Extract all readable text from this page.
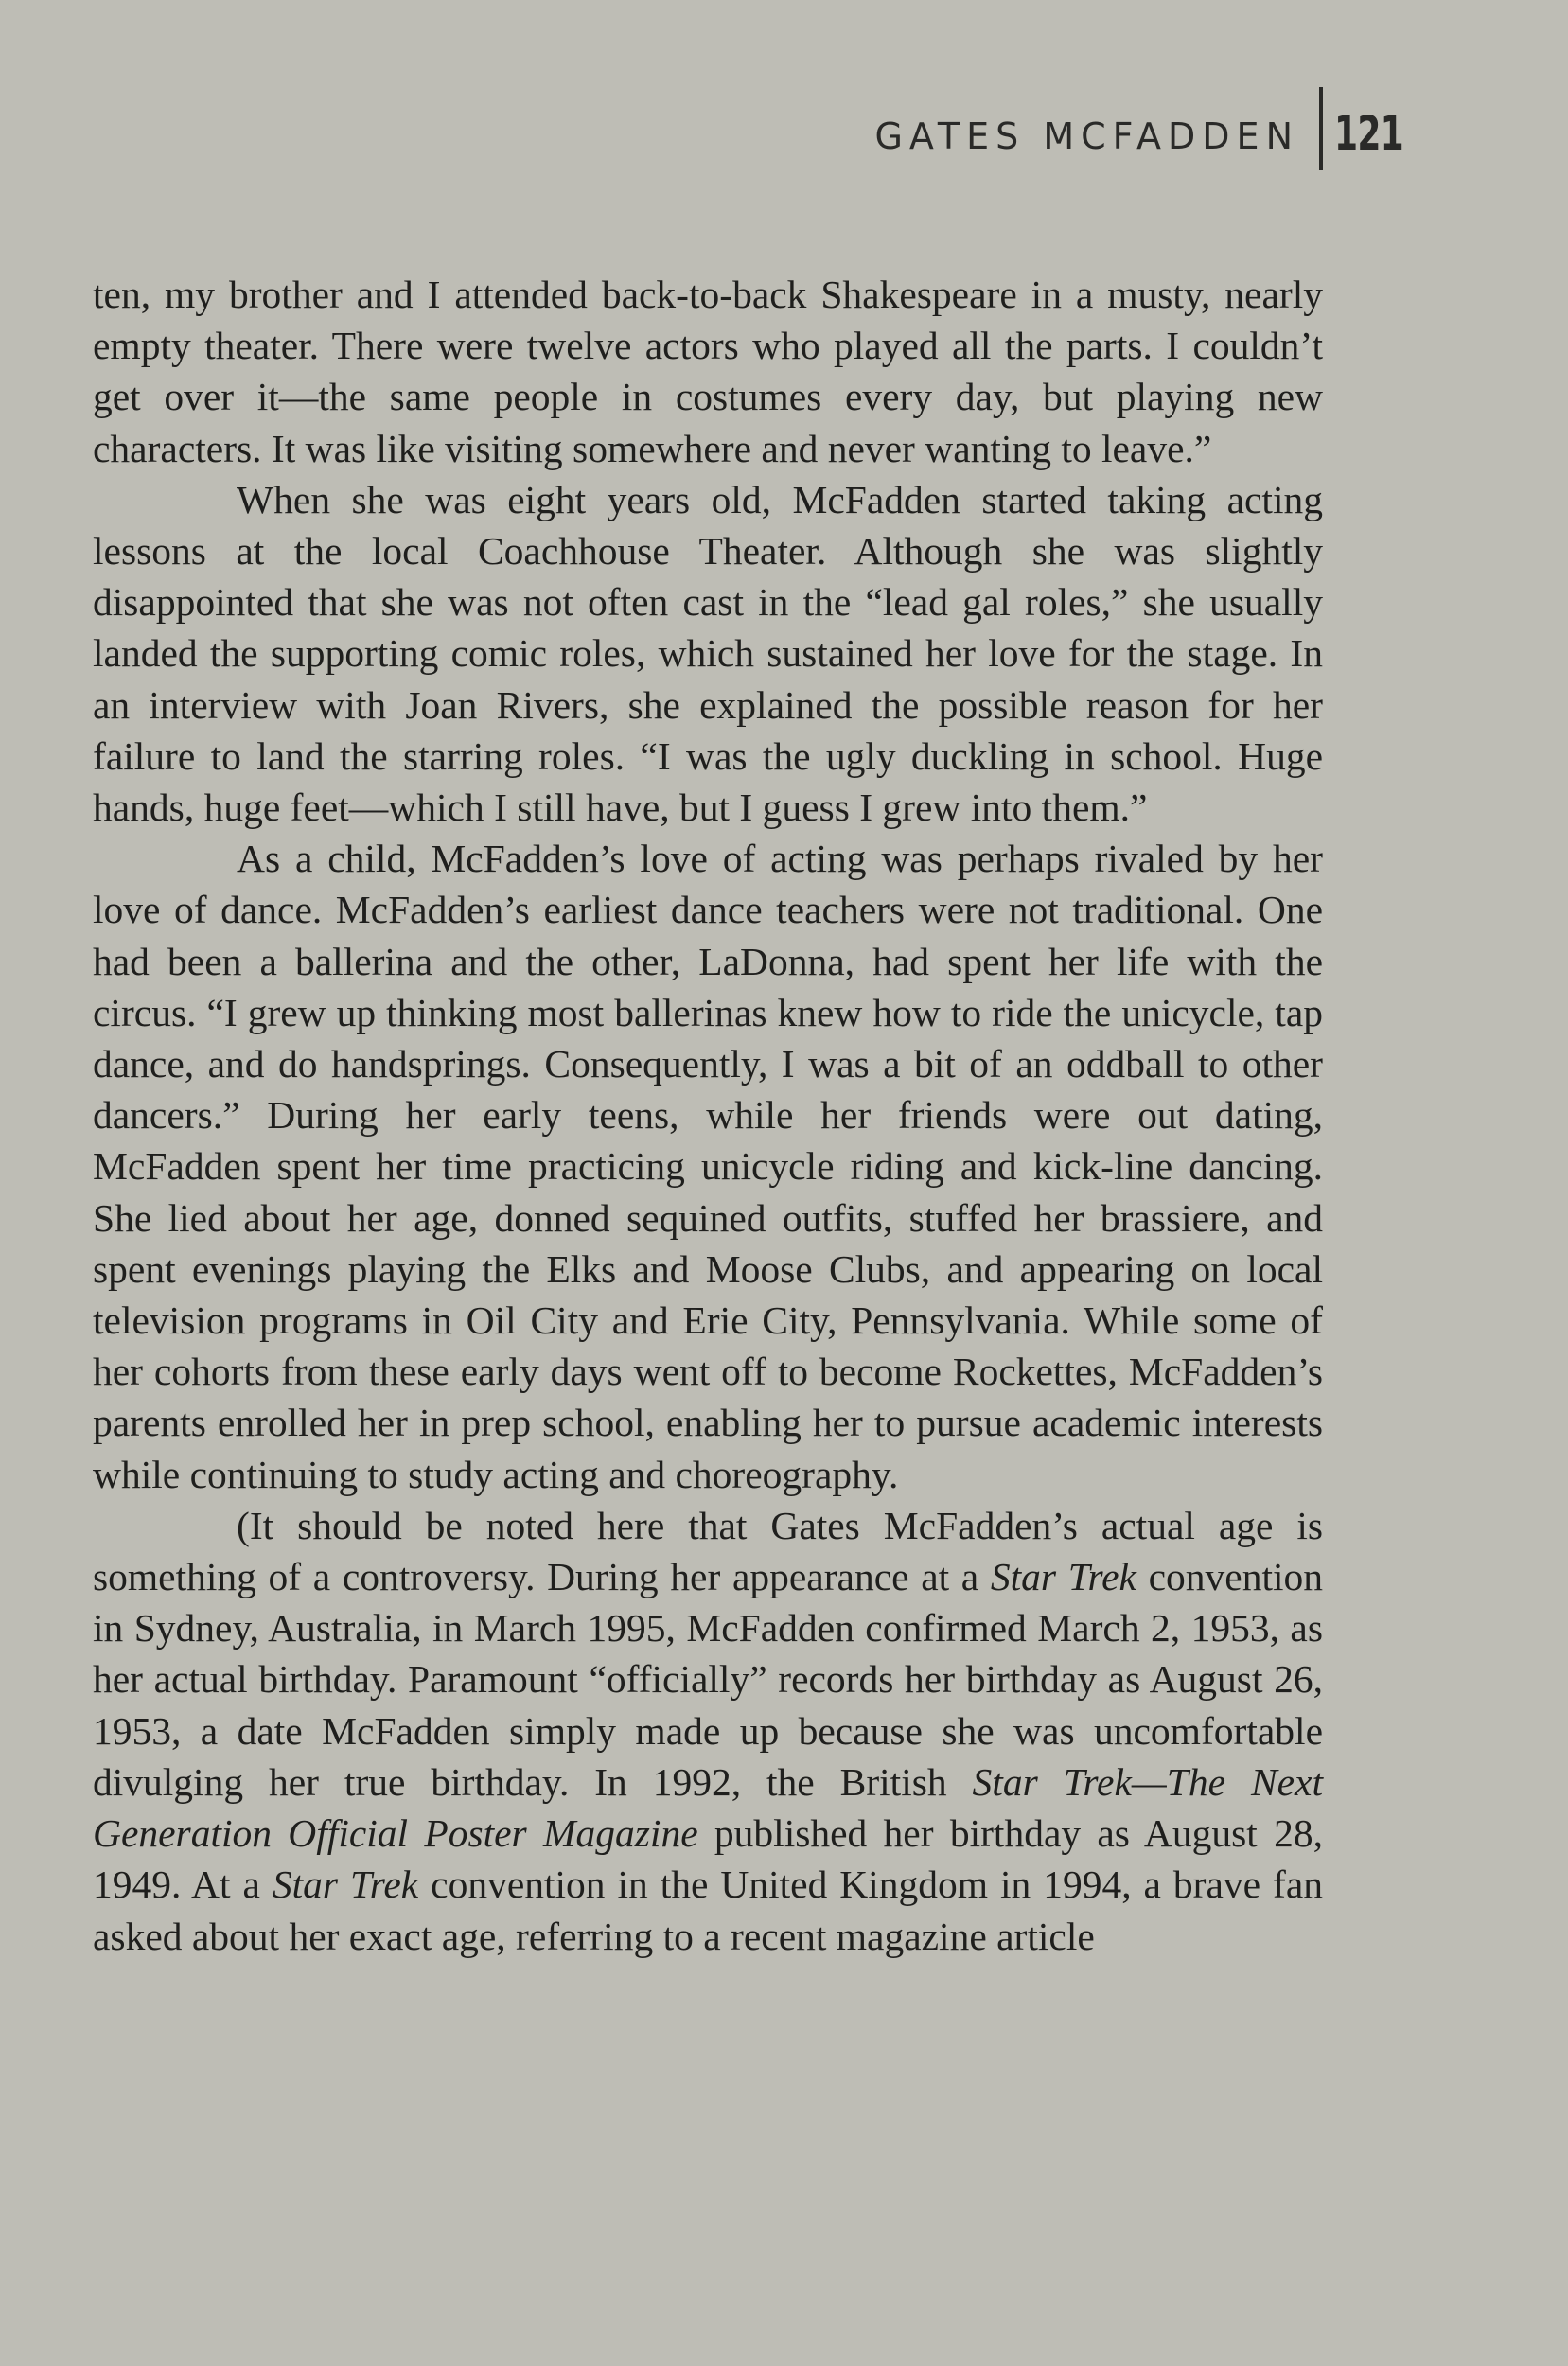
GATES MCFADDEN 121

ten, my brother and I attended back-to-back Shakespeare in a musty, nearly empty theater. There were twelve actors who played all the parts. I couldn’t get over it—the same people in costumes every day, but playing new characters. It was like visiting somewhere and never wanting to leave.”

When she was eight years old, McFadden started taking acting lessons at the local Coachhouse Theater. Although she was slightly disappointed that she was not often cast in the “lead gal roles,” she usually landed the supporting comic roles, which sustained her love for the stage. In an interview with Joan Rivers, she explained the possible reason for her failure to land the starring roles. “I was the ugly duckling in school. Huge hands, huge feet—which I still have, but I guess I grew into them.”

As a child, McFadden’s love of acting was perhaps rivaled by her love of dance. McFadden’s earliest dance teachers were not traditional. One had been a ballerina and the other, LaDonna, had spent her life with the circus. “I grew up thinking most ballerinas knew how to ride the unicycle, tap dance, and do handsprings. Consequently, I was a bit of an oddball to other dancers.” During her early teens, while her friends were out dating, McFadden spent her time practicing unicycle riding and kick-line dancing. She lied about her age, donned sequined outfits, stuffed her brassiere, and spent evenings playing the Elks and Moose Clubs, and appearing on local television programs in Oil City and Erie City, Pennsylvania. While some of her cohorts from these early days went off to become Rockettes, McFadden’s parents enrolled her in prep school, enabling her to pursue academic interests while continuing to study acting and choreography.

(It should be noted here that Gates McFadden’s actual age is something of a controversy. During her appearance at a Star Trek convention in Sydney, Australia, in March 1995, McFadden confirmed March 2, 1953, as her actual birthday. Paramount “officially” records her birthday as August 26, 1953, a date McFadden simply made up because she was uncomfortable divulging her true birthday. In 1992, the British Star Trek—The Next Generation Official Poster Magazine published her birthday as August 28, 1949. At a Star Trek convention in the United Kingdom in 1994, a brave fan asked about her exact age, referring to a recent magazine article
